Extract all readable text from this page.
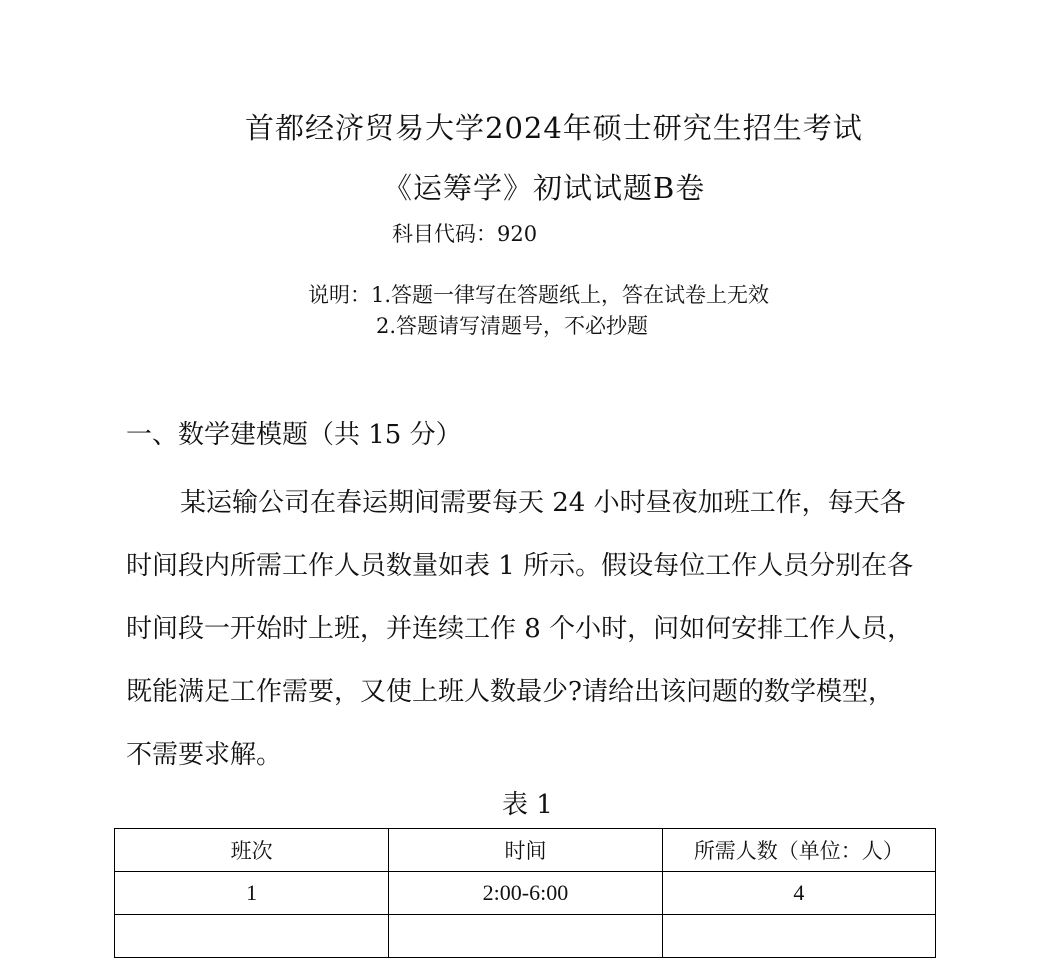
首都经济贸易大学2024年硕士研究生招生考试
《运筹学》初试试题B卷
科目代码：920
说明：1.答题一律写在答题纸上，答在试卷上无效
2.答题请写清题号，不必抄题
一、数学建模题（共 15 分）
某运输公司在春运期间需要每天 24 小时昼夜加班工作，每天各
时间段内所需工作人员数量如表 1 所示。假设每位工作人员分别在各
时间段一开始时上班，并连续工作 8 个小时，问如何安排工作人员，
既能满足工作需要，又使上班人数最少?请给出该问题的数学模型，
不需要求解。
表 1
班次	时间	所需人数（单位：人）
1	2:00-6:00	4
